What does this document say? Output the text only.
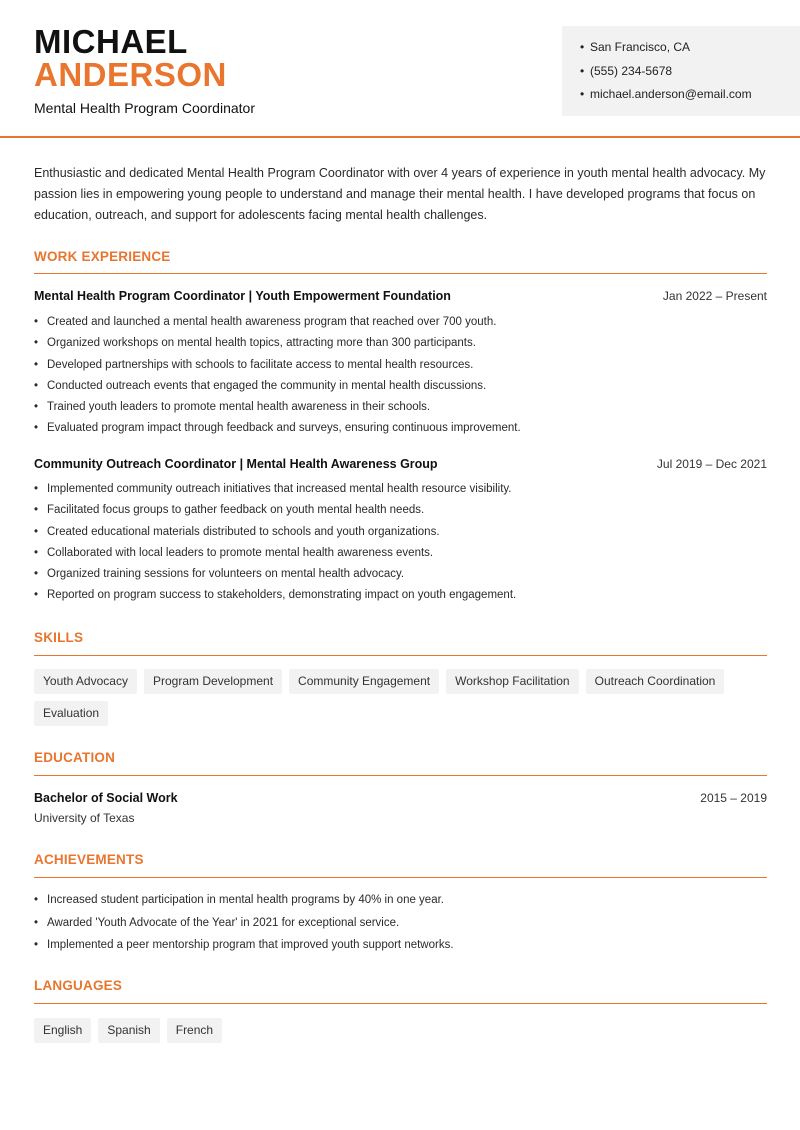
MICHAEL
ANDERSON
Mental Health Program Coordinator
• San Francisco, CA
• (555) 234-5678
• michael.anderson@email.com
Enthusiastic and dedicated Mental Health Program Coordinator with over 4 years of experience in youth mental health advocacy. My passion lies in empowering young people to understand and manage their mental health. I have developed programs that focus on education, outreach, and support for adolescents facing mental health challenges.
WORK EXPERIENCE
Mental Health Program Coordinator | Youth Empowerment Foundation	Jan 2022 – Present
• Created and launched a mental health awareness program that reached over 700 youth.
• Organized workshops on mental health topics, attracting more than 300 participants.
• Developed partnerships with schools to facilitate access to mental health resources.
• Conducted outreach events that engaged the community in mental health discussions.
• Trained youth leaders to promote mental health awareness in their schools.
• Evaluated program impact through feedback and surveys, ensuring continuous improvement.
Community Outreach Coordinator | Mental Health Awareness Group	Jul 2019 – Dec 2021
• Implemented community outreach initiatives that increased mental health resource visibility.
• Facilitated focus groups to gather feedback on youth mental health needs.
• Created educational materials distributed to schools and youth organizations.
• Collaborated with local leaders to promote mental health awareness events.
• Organized training sessions for volunteers on mental health advocacy.
• Reported on program success to stakeholders, demonstrating impact on youth engagement.
SKILLS
Youth Advocacy	Program Development	Community Engagement	Workshop Facilitation	Outreach Coordination
Evaluation
EDUCATION
Bachelor of Social Work	2015 – 2019
University of Texas
ACHIEVEMENTS
• Increased student participation in mental health programs by 40% in one year.
• Awarded 'Youth Advocate of the Year' in 2021 for exceptional service.
• Implemented a peer mentorship program that improved youth support networks.
LANGUAGES
English	Spanish	French
